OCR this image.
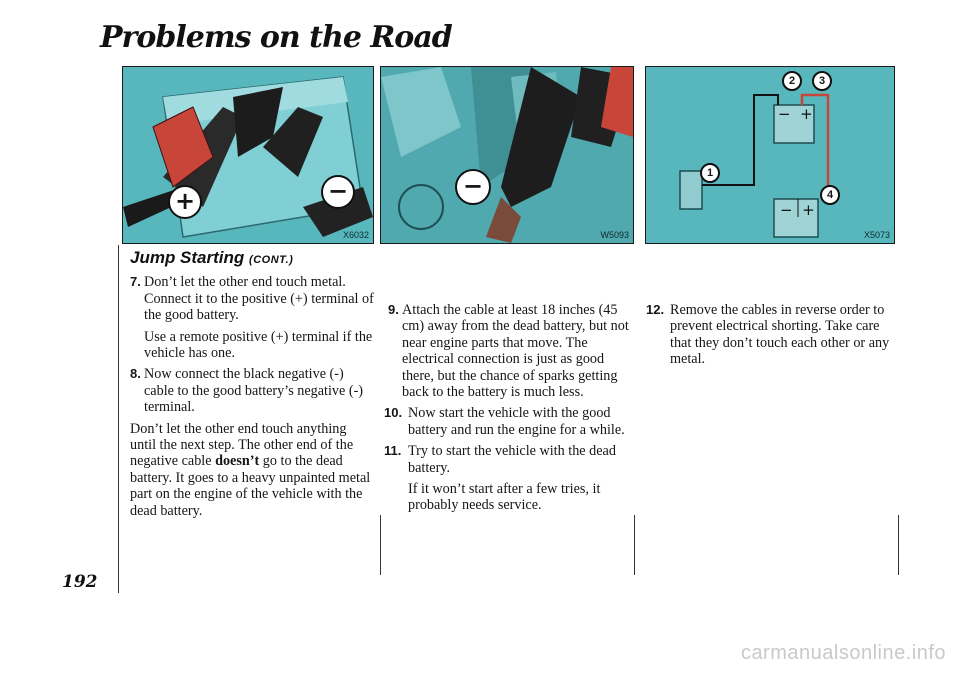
Problems on the Road
+	−
X6032
−
W5093
1
2	3
4
−  +
−  +
X5073
Jump Starting (CONT.)
7. Don’t let the other end touch metal. Connect it to the positive (+) terminal of the good battery.

Use a remote positive (+) terminal if the vehicle has one.

8. Now connect the black negative (-) cable to the good battery’s negative (-) terminal.

Don’t let the other end touch anything until the next step. The other end of the negative cable doesn’t go to the dead battery. It goes to a heavy unpainted metal part on the engine of the vehicle with the dead battery.

9. Attach the cable at least 18 inches (45 cm) away from the dead battery, but not near engine parts that move. The electrical connection is just as good there, but the chance of sparks getting back to the battery is much less.

10. Now start the vehicle with the good battery and run the engine for a while.

11. Try to start the vehicle with the dead battery.

If it won’t start after a few tries, it probably needs service.

12. Remove the cables in reverse order to prevent electrical shorting. Take care that they don’t touch each other or any metal.

192
carmanualsonline.info
